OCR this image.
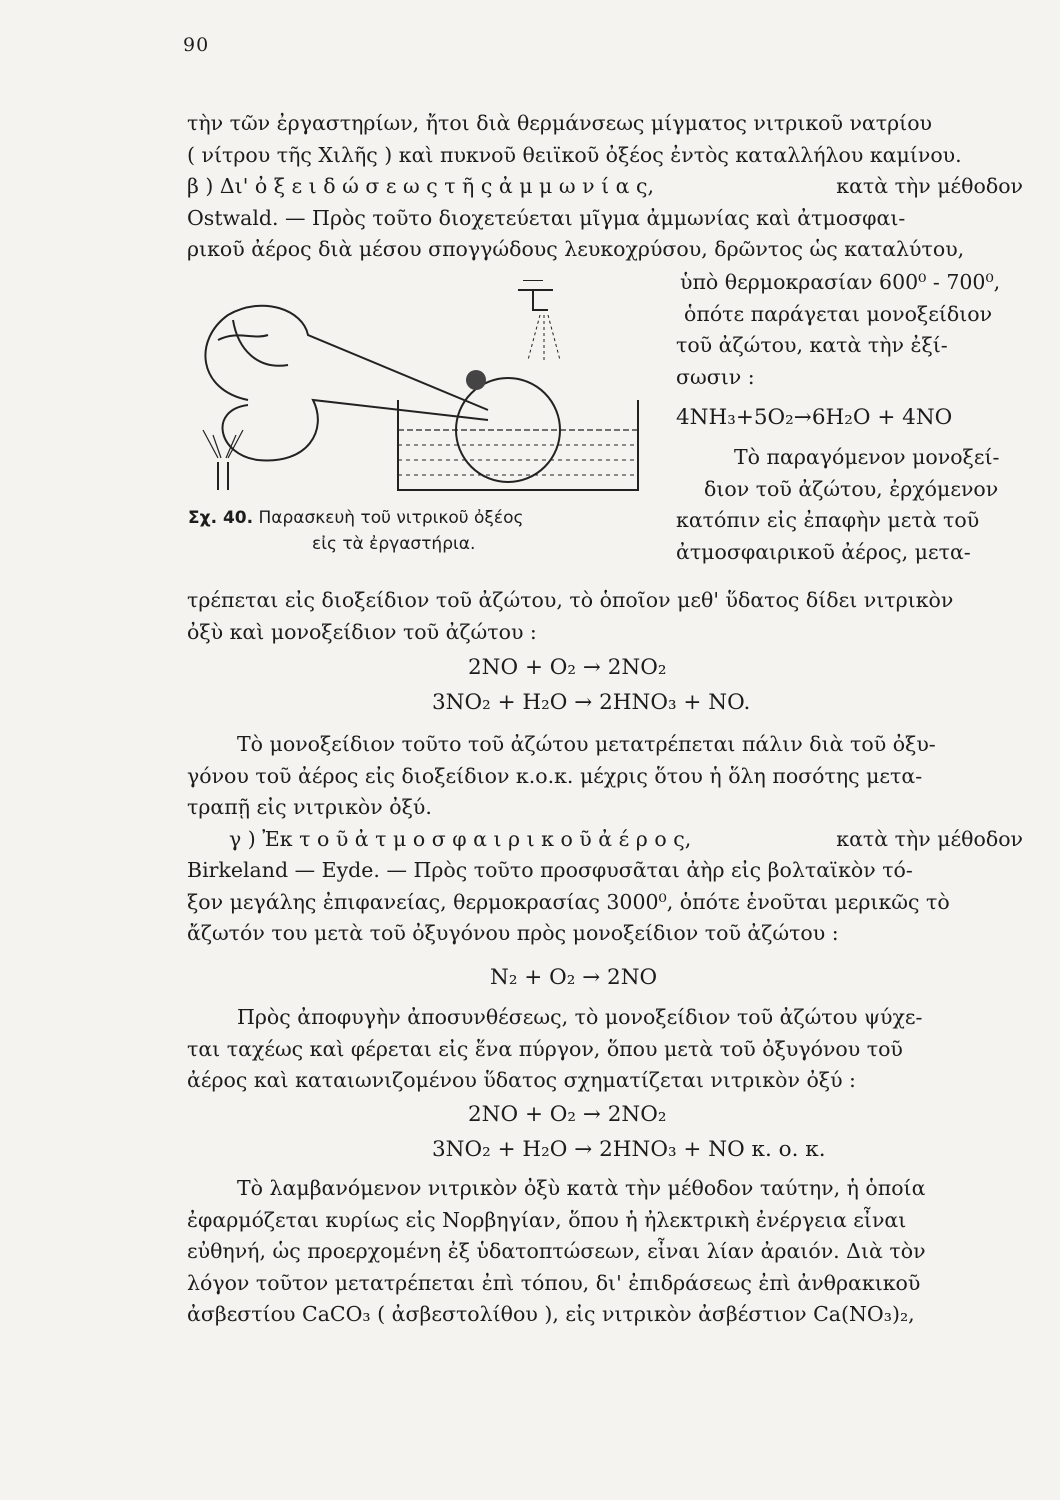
90
τὴν τῶν ἐργαστηρίων, ἤτοι διὰ θερμάνσεως μίγματος νιτρικοῦ νατρίου
( νίτρου τῆς Χιλῆς ) καὶ πυκνοῦ θειϊκοῦ ὀξέος ἐντὸς καταλλήλου καμίνου.
β ) Δι' ὀ ξ ε ι δ ώ σ ε ω ς τ ῆ ς ἀ μ μ ω ν ί α ς,	κατὰ τὴν μέθοδον
Ostwald. — Πρὸς τοῦτο διοχετεύεται μῖγμα ἀμμωνίας καὶ ἀτμοσφαι-
ρικοῦ ἀέρος διὰ μέσου σπογγώδους λευκοχρύσου, δρῶντος ὡς καταλύτου,
Σχ. 40. Παρασκευὴ τοῦ νιτρικοῦ ὀξέος
εἰς τὰ ἐργαστήρια.
ὑπὸ θερμοκρασίαν 600⁰ - 700⁰,
ὁπότε παράγεται μονοξείδιον
τοῦ ἀζώτου, κατὰ τὴν ἐξί-
σωσιν :
4NH₃+5O₂→6H₂O + 4NO
Τὸ παραγόμενον μονοξεί-
διον τοῦ ἀζώτου, ἐρχόμενον
κατόπιν εἰς ἐπαφὴν μετὰ τοῦ
ἀτμοσφαιρικοῦ ἀέρος, μετα-
τρέπεται εἰς διοξείδιον τοῦ ἀζώτου, τὸ ὁποῖον μεθ' ὕδατος δίδει νιτρικὸν
ὀξὺ καὶ μονοξείδιον τοῦ ἀζώτου :
2NO + O₂ → 2NO₂
3NO₂ + H₂O → 2HNO₃ + NO.
Τὸ μονοξείδιον τοῦτο τοῦ ἀζώτου μετατρέπεται πάλιν διὰ τοῦ ὀξυ-
γόνου τοῦ ἀέρος εἰς διοξείδιον κ.ο.κ. μέχρις ὅτου ἡ ὅλη ποσότης μετα-
τραπῇ εἰς νιτρικὸν ὀξύ.
γ ) Ἐκ τ ο ῦ ἀ τ μ ο σ φ α ι ρ ι κ ο ῦ ἀ έ ρ ο ς,	κατὰ τὴν μέθοδον
Birkeland — Eyde. — Πρὸς τοῦτο προσφυσᾶται ἀὴρ εἰς βολταϊκὸν τό-
ξον μεγάλης ἐπιφανείας, θερμοκρασίας 3000⁰, ὁπότε ἑνοῦται μερικῶς τὸ
ἄζωτόν του μετὰ τοῦ ὀξυγόνου πρὸς μονοξείδιον τοῦ ἀζώτου :
N₂ + O₂ → 2NO
Πρὸς ἀποφυγὴν ἀποσυνθέσεως, τὸ μονοξείδιον τοῦ ἀζώτου ψύχε-
ται ταχέως καὶ φέρεται εἰς ἕνα πύργον, ὅπου μετὰ τοῦ ὀξυγόνου τοῦ
ἀέρος καὶ καταιωνιζομένου ὕδατος σχηματίζεται νιτρικὸν ὀξύ :
2NO + O₂ → 2NO₂
3NO₂ + H₂O → 2HNO₃ + NO κ. ο. κ.
Τὸ λαμβανόμενον νιτρικὸν ὀξὺ κατὰ τὴν μέθοδον ταύτην, ἡ ὁποία
ἐφαρμόζεται κυρίως εἰς Νορβηγίαν, ὅπου ἡ ἠλεκτρικὴ ἐνέργεια εἶναι
εὐθηνή, ὡς προερχομένη ἐξ ὑδατοπτώσεων, εἶναι λίαν ἀραιόν. Διὰ τὸν
λόγον τοῦτον μετατρέπεται ἐπὶ τόπου, δι' ἐπιδράσεως ἐπὶ ἀνθρακικοῦ
ἀσβεστίου CaCO₃ ( ἀσβεστολίθου ), εἰς νιτρικὸν ἀσβέστιον Ca(NO₃)₂,
